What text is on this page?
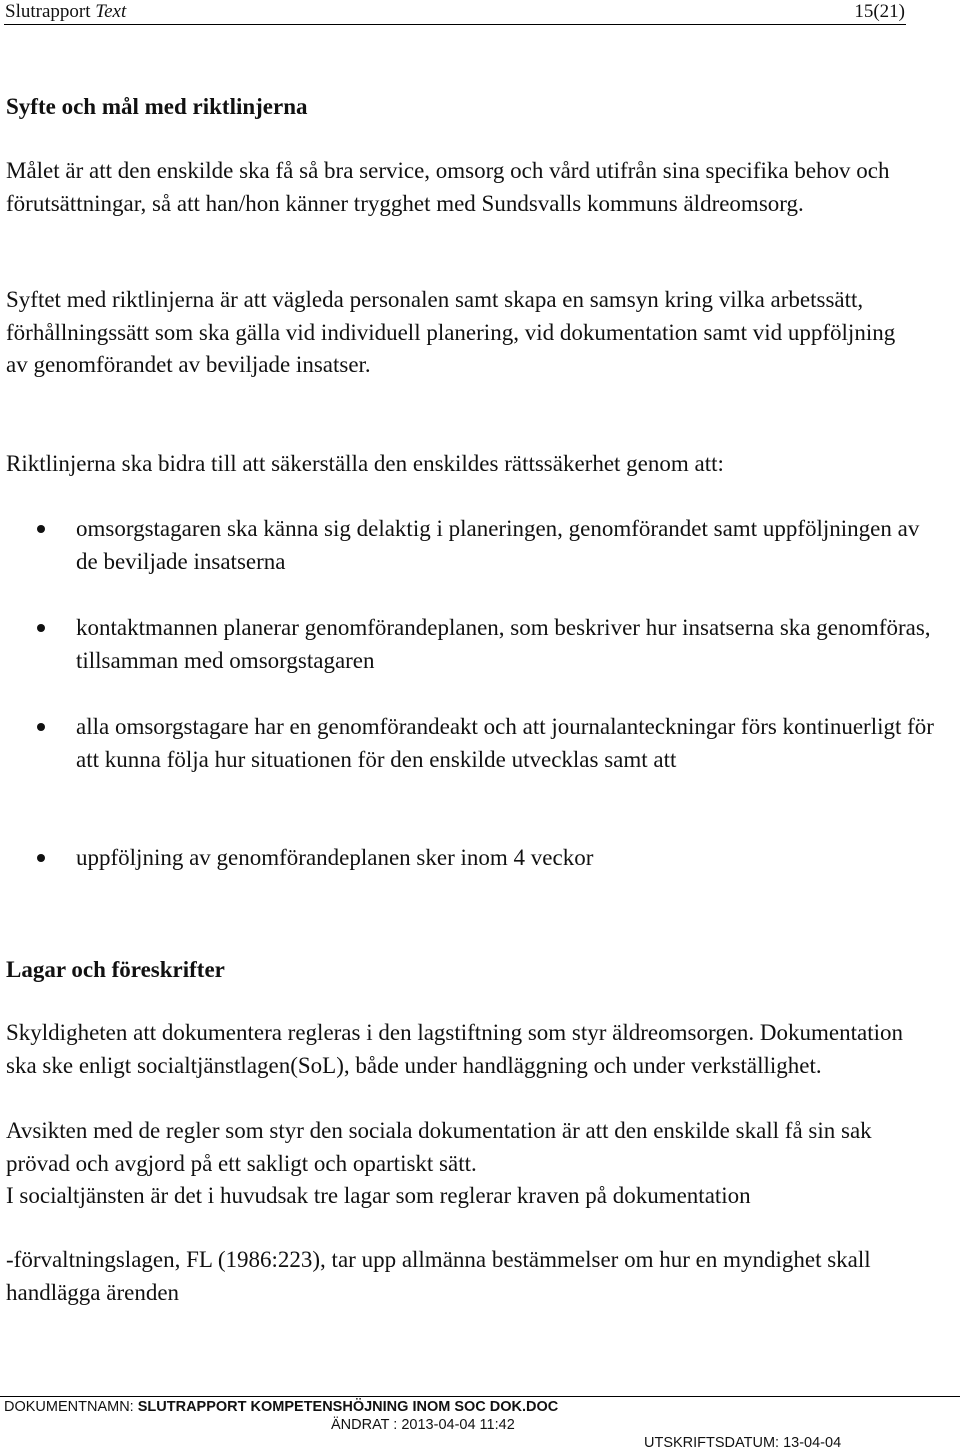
Slutrapport Text	15(21)
Syfte och mål med riktlinjerna

Målet är att den enskilde ska få så bra service, omsorg och vård utifrån sina specifika behov och förutsättningar, så att han/hon känner trygghet med Sundsvalls kommuns äldreomsorg.

Syftet med riktlinjerna är att vägleda personalen samt skapa en samsyn kring vilka arbetssätt, förhållningssätt som ska gälla vid individuell planering, vid dokumentation samt vid uppföljning av genomförandet av beviljade insatser.

Riktlinjerna ska bidra till att säkerställa den enskildes rättssäkerhet genom att:

omsorgstagaren ska känna sig delaktig i planeringen, genomförandet samt uppföljningen av de beviljade insatserna
kontaktmannen planerar genomförandeplanen, som beskriver hur insatserna ska genomföras, tillsamman med omsorgstagaren
alla omsorgstagare har en genomförandeakt och att journalanteckningar förs kontinuerligt för att kunna följa hur situationen för den enskilde utvecklas samt att
uppföljning av genomförandeplanen sker inom 4 veckor
Lagar och föreskrifter

Skyldigheten att dokumentera regleras i den lagstiftning som styr äldreomsorgen. Dokumentation ska ske enligt socialtjänstlagen(SoL), både under handläggning och under verkställighet.

Avsikten med de regler som styr den sociala dokumentation är att den enskilde skall få sin sak prövad och avgjord på ett sakligt och opartiskt sätt.

I socialtjänsten är det i huvudsak tre lagar som reglerar kraven på dokumentation

-förvaltningslagen, FL (1986:223), tar upp allmänna bestämmelser om hur en myndighet skall handlägga ärenden

DOKUMENTNAMN: SLUTRAPPORT KOMPETENSHÖJNING INOM SOC DOK.DOC
ÄNDRAT : 2013-04-04 11:42
UTSKRIFTSDATUM: 13-04-04
